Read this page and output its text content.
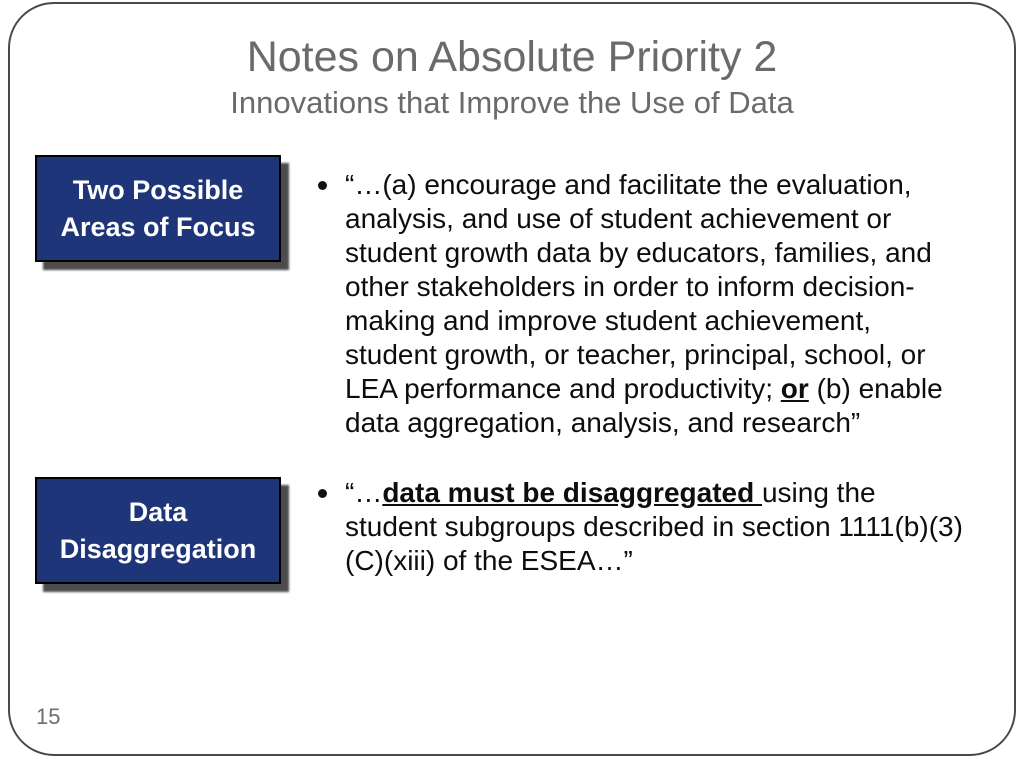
Notes on Absolute Priority 2
Innovations that Improve the Use of Data
Two Possible Areas of Focus
Data Disaggregation
“…(a) encourage and facilitate the evaluation, analysis, and use of student achievement or student growth data by educators, families, and other stakeholders in order to inform decision-making and improve student achievement, student growth, or teacher, principal, school, or LEA performance and productivity; or (b) enable data aggregation, analysis, and research”
“…data must be disaggregated using the student subgroups described in section 1111(b)(3)(C)(xiii) of the ESEA…”
15
